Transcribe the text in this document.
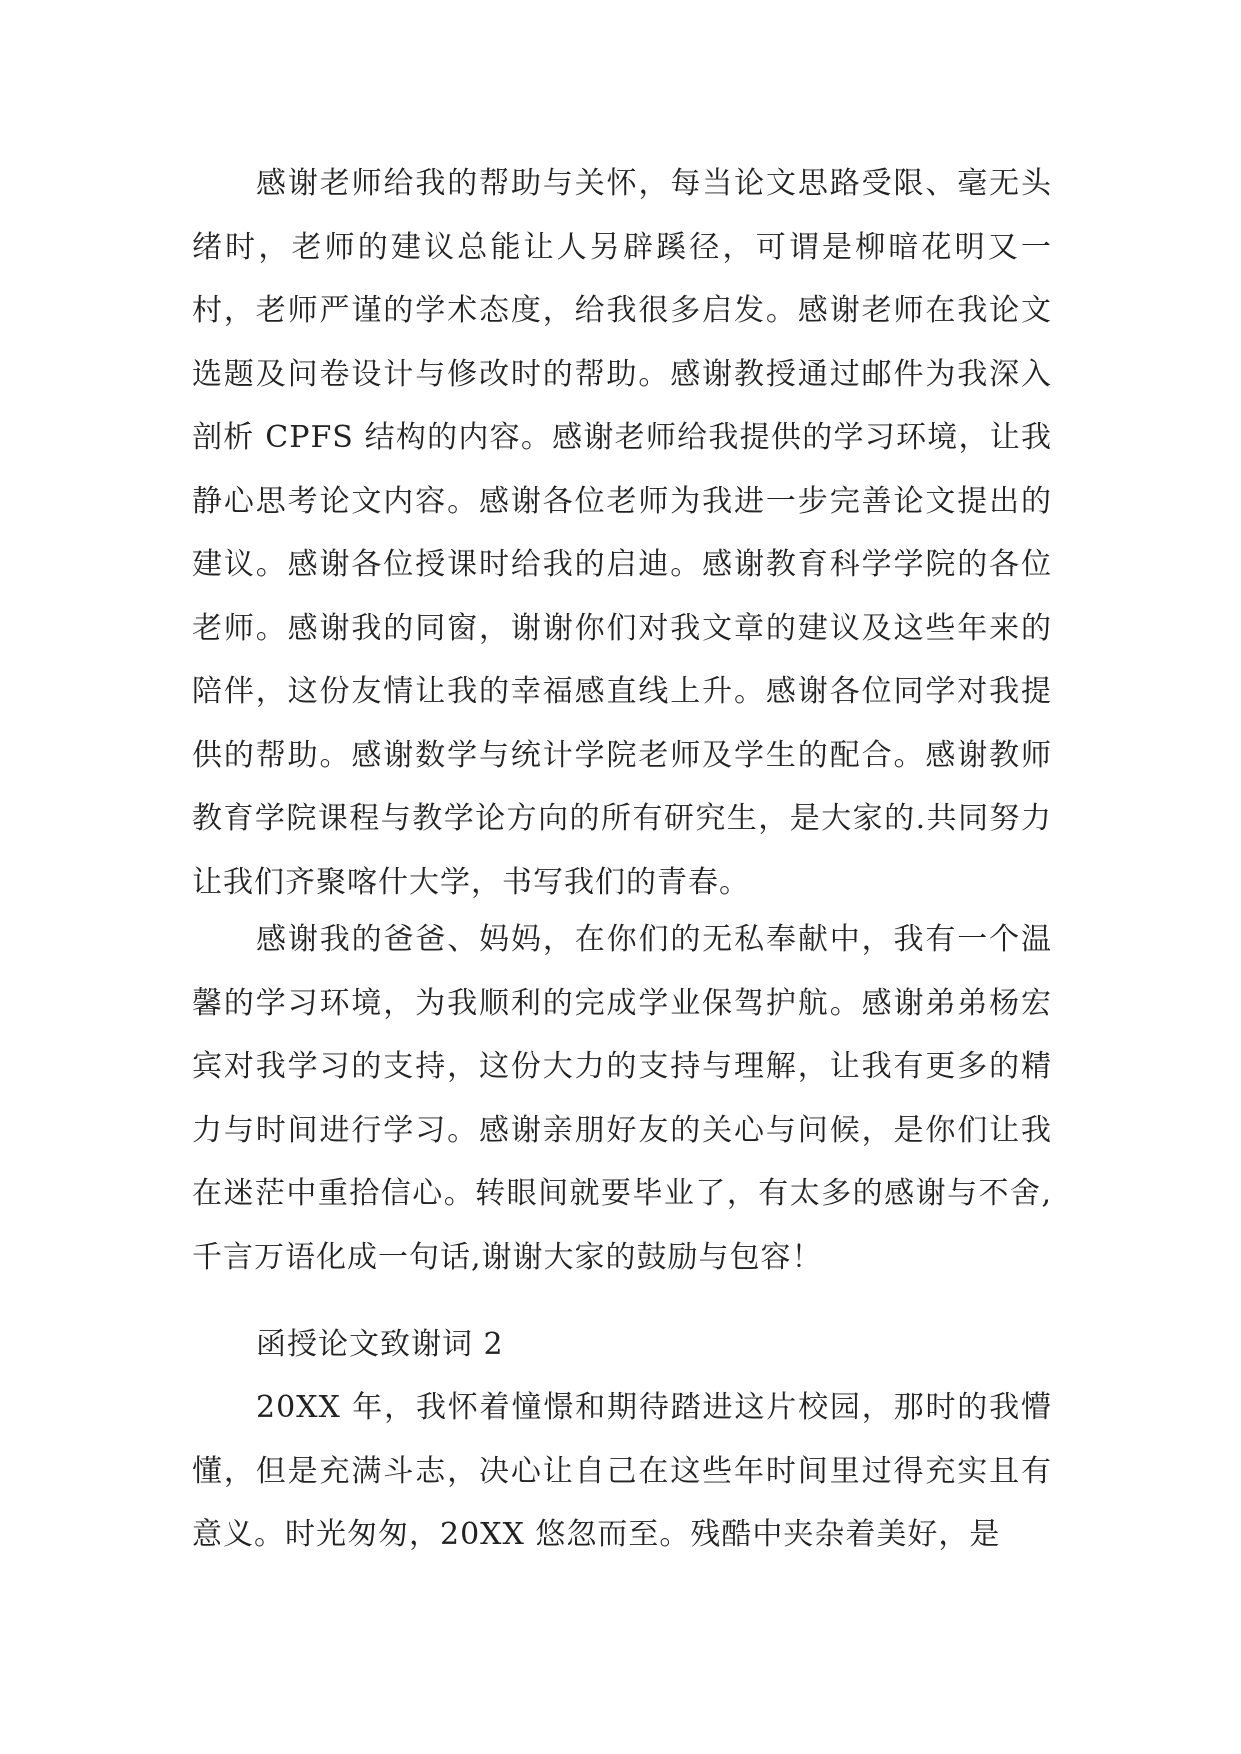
感谢老师给我的帮助与关怀，每当论文思路受限、毫无头绪时，老师的建议总能让人另辟蹊径，可谓是柳暗花明又一村，老师严谨的学术态度，给我很多启发。感谢老师在我论文选题及问卷设计与修改时的帮助。感谢教授通过邮件为我深入剖析 CPFS 结构的内容。感谢老师给我提供的学习环境，让我静心思考论文内容。感谢各位老师为我进一步完善论文提出的建议。感谢各位授课时给我的启迪。感谢教育科学学院的各位老师。感谢我的同窗，谢谢你们对我文章的建议及这些年来的陪伴，这份友情让我的幸福感直线上升。感谢各位同学对我提供的帮助。感谢数学与统计学院老师及学生的配合。感谢教师教育学院课程与教学论方向的所有研究生，是大家的.共同努力让我们齐聚喀什大学，书写我们的青春。

感谢我的爸爸、妈妈，在你们的无私奉献中，我有一个温馨的学习环境，为我顺利的完成学业保驾护航。感谢弟弟杨宏宾对我学习的支持，这份大力的支持与理解，让我有更多的精力与时间进行学习。感谢亲朋好友的关心与问候，是你们让我在迷茫中重拾信心。转眼间就要毕业了，有太多的感谢与不舍,千言万语化成一句话,谢谢大家的鼓励与包容！

函授论文致谢词 2

20XX 年，我怀着憧憬和期待踏进这片校园，那时的我懵懂，但是充满斗志，决心让自己在这些年时间里过得充实且有意义。时光匆匆，20XX 悠忽而至。残酷中夹杂着美好，是
